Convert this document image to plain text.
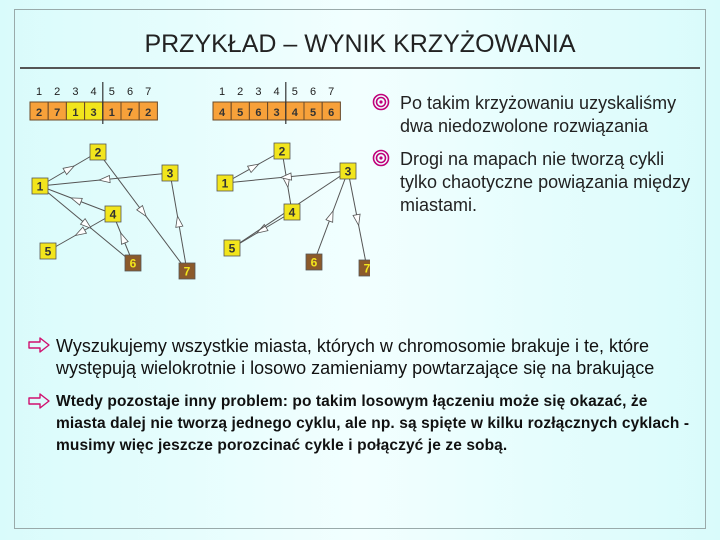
PRZYKŁAD – WYNIK KRZYŻOWANIA
1 2 3 4 5 6 7
2 7 1 3 1 7 2
1 2 3 4 5 6 7
4 5 6 3 4 5 6
1
2
3
4
5
6
7
1
2
3
4
5
6	7
Po takim krzyżowaniu uzyskaliśmy dwa niedozwolone rozwiązania
Drogi na mapach nie tworzą cykli tylko chaotyczne powiązania między miastami.
Wyszukujemy wszystkie miasta, których w chromosomie brakuje i te, które występują wielokrotnie i losowo zamieniamy powtarzające się na brakujące
Wtedy pozostaje inny problem: po takim losowym łączeniu może się okazać, że miasta dalej nie tworzą jednego cyklu, ale np. są spięte w kilku rozłącznych cyklach - musimy więc jeszcze porozcinać cykle i połączyć je ze sobą.
